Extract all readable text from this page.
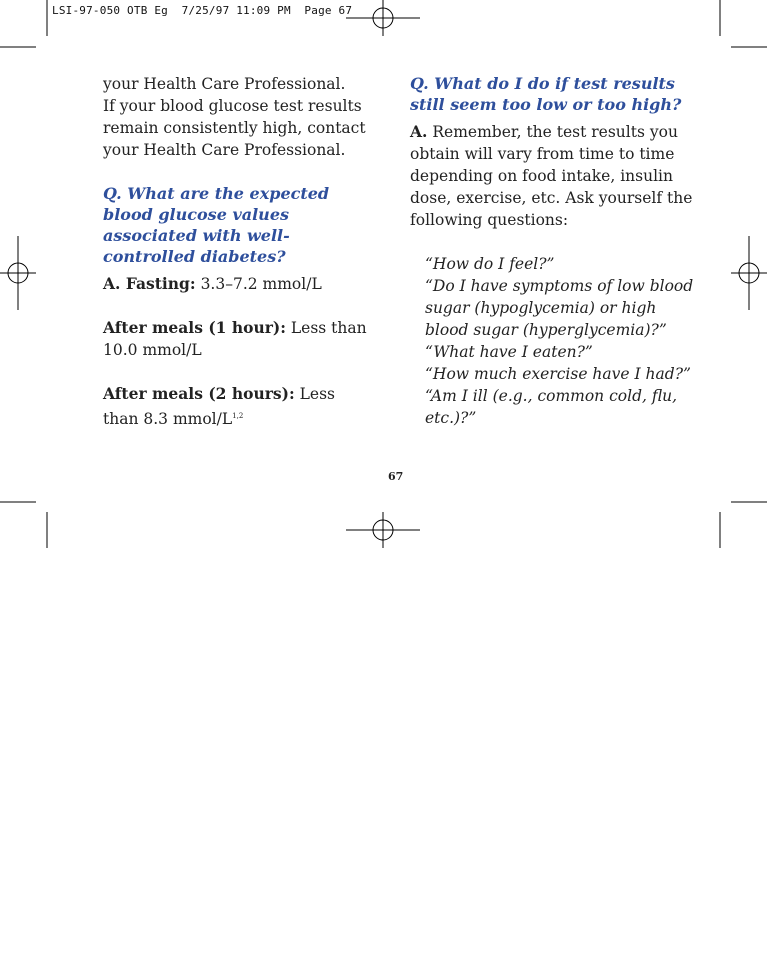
LSI-97-050 OTB Eg  7/25/97 11:09 PM  Page 67

your Health Care Professional.

If your blood glucose test results remain consistently high, contact your Health Care Professional.

Q. What are the expected blood glucose values associated with well-controlled diabetes?

A. Fasting: 3.3–7.2 mmol/L

After meals (1 hour): Less than 10.0 mmol/L

After meals (2 hours): Less than 8.3 mmol/$L^{1,2}$

Q. What do I do if test results still seem too low or too high?

A. Remember, the test results you obtain will vary from time to time depending on food intake, insulin dose, exercise, etc. Ask yourself the following questions:

“How do I feel?”

“Do I have symptoms of low blood sugar (hypoglycemia) or high blood sugar (hyperglycemia)?”

“What have I eaten?”

“How much exercise have I had?”

“Am I ill (e.g., common cold, flu, etc.)?”

67
